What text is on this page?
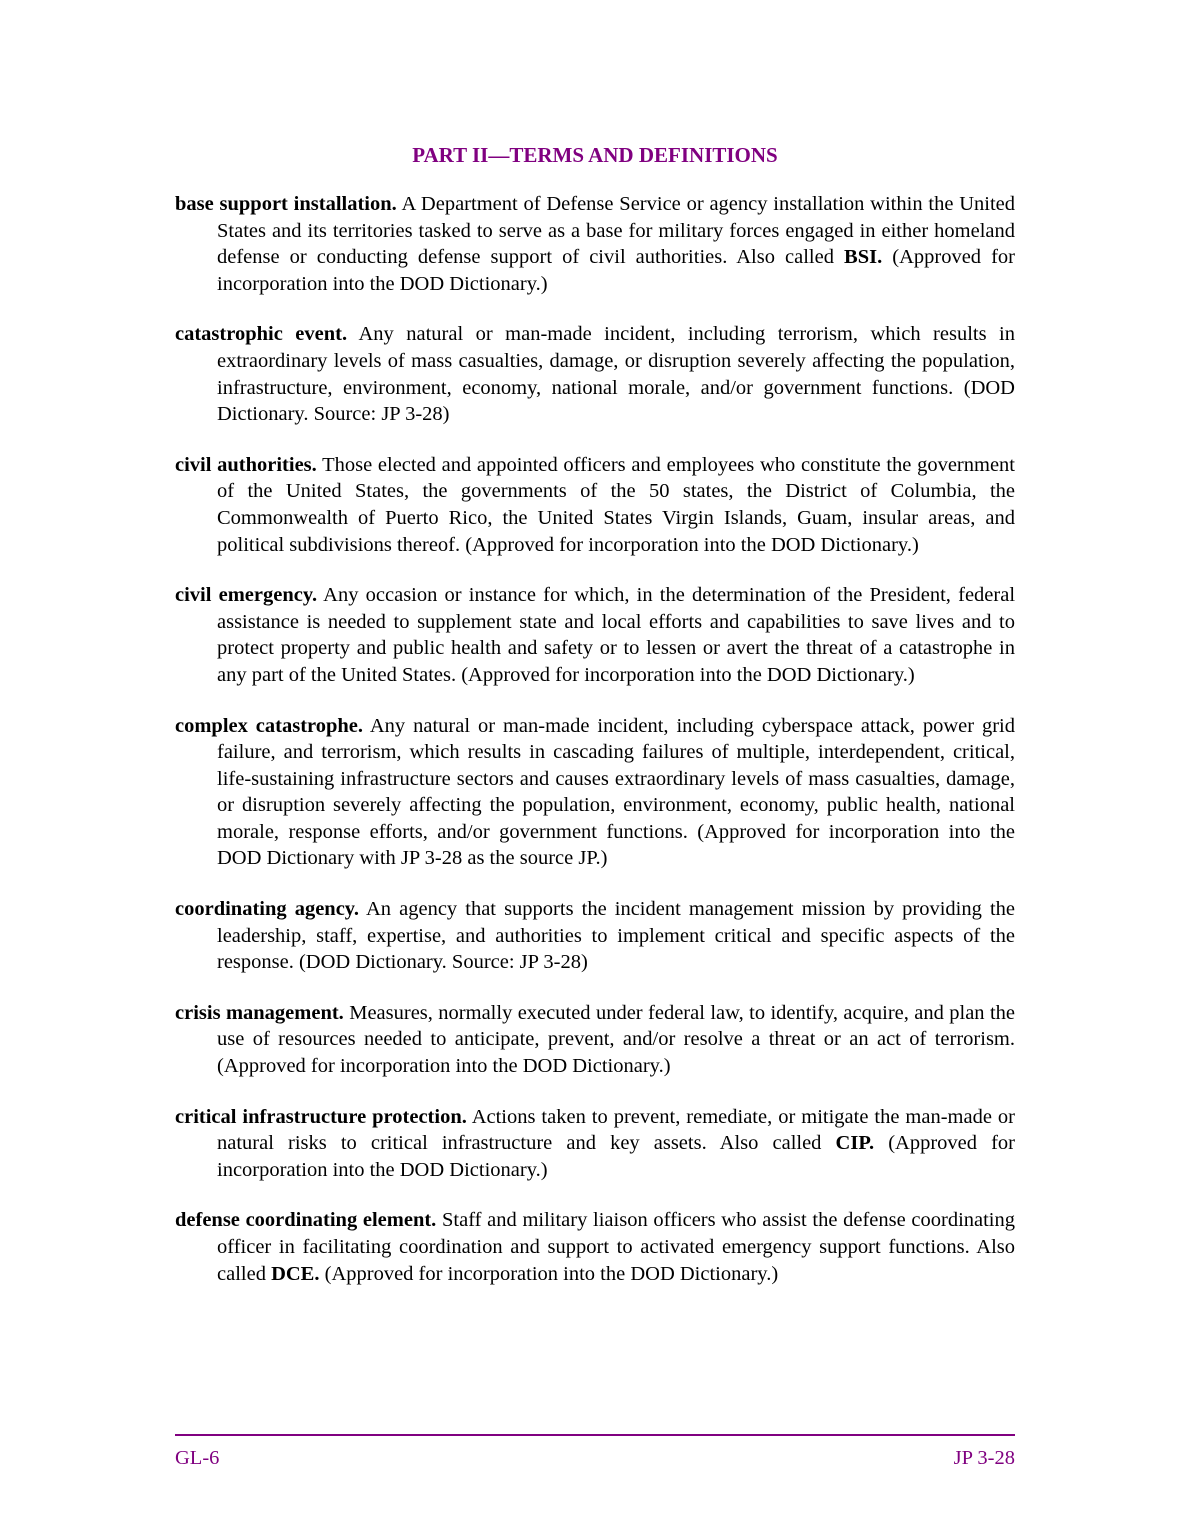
PART II—TERMS AND DEFINITIONS

base support installation. A Department of Defense Service or agency installation within the United States and its territories tasked to serve as a base for military forces engaged in either homeland defense or conducting defense support of civil authorities. Also called BSI. (Approved for incorporation into the DOD Dictionary.)

catastrophic event. Any natural or man-made incident, including terrorism, which results in extraordinary levels of mass casualties, damage, or disruption severely affecting the population, infrastructure, environment, economy, national morale, and/or government functions. (DOD Dictionary. Source: JP 3-28)

civil authorities. Those elected and appointed officers and employees who constitute the government of the United States, the governments of the 50 states, the District of Columbia, the Commonwealth of Puerto Rico, the United States Virgin Islands, Guam, insular areas, and political subdivisions thereof. (Approved for incorporation into the DOD Dictionary.)

civil emergency. Any occasion or instance for which, in the determination of the President, federal assistance is needed to supplement state and local efforts and capabilities to save lives and to protect property and public health and safety or to lessen or avert the threat of a catastrophe in any part of the United States. (Approved for incorporation into the DOD Dictionary.)

complex catastrophe. Any natural or man-made incident, including cyberspace attack, power grid failure, and terrorism, which results in cascading failures of multiple, interdependent, critical, life-sustaining infrastructure sectors and causes extraordinary levels of mass casualties, damage, or disruption severely affecting the population, environment, economy, public health, national morale, response efforts, and/or government functions. (Approved for incorporation into the DOD Dictionary with JP 3-28 as the source JP.)

coordinating agency. An agency that supports the incident management mission by providing the leadership, staff, expertise, and authorities to implement critical and specific aspects of the response. (DOD Dictionary. Source: JP 3-28)

crisis management. Measures, normally executed under federal law, to identify, acquire, and plan the use of resources needed to anticipate, prevent, and/or resolve a threat or an act of terrorism. (Approved for incorporation into the DOD Dictionary.)

critical infrastructure protection. Actions taken to prevent, remediate, or mitigate the man-made or natural risks to critical infrastructure and key assets. Also called CIP. (Approved for incorporation into the DOD Dictionary.)

defense coordinating element. Staff and military liaison officers who assist the defense coordinating officer in facilitating coordination and support to activated emergency support functions. Also called DCE. (Approved for incorporation into the DOD Dictionary.)

GL-6	JP 3-28
